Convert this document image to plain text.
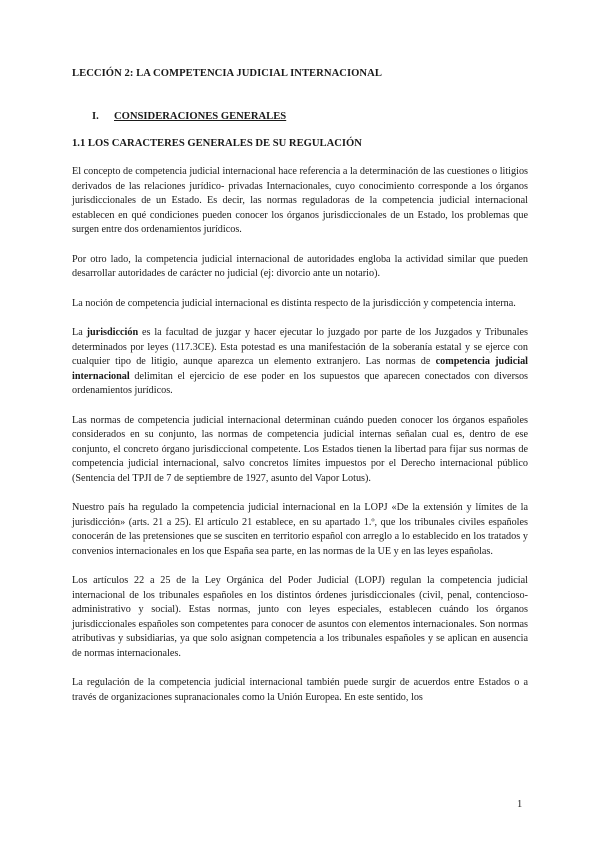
LECCIÓN 2: LA COMPETENCIA JUDICIAL INTERNACIONAL
I. CONSIDERACIONES GENERALES
1.1 LOS CARACTERES GENERALES DE SU REGULACIÓN

El concepto de competencia judicial internacional hace referencia a la determinación de las cuestiones o litigios derivados de las relaciones jurídico- privadas Internacionales, cuyo conocimiento corresponde a los órganos jurisdiccionales de un Estado. Es decir, las normas reguladoras de la competencia judicial internacional establecen en qué condiciones pueden conocer los órganos jurisdiccionales de un Estado, los problemas que surgen entre dos ordenamientos jurídicos.

Por otro lado, la competencia judicial internacional de autoridades engloba la actividad similar que pueden desarrollar autoridades de carácter no judicial (ej: divorcio ante un notario).

La noción de competencia judicial internacional es distinta respecto de la jurisdicción y competencia interna.

La jurisdicción es la facultad de juzgar y hacer ejecutar lo juzgado por parte de los Juzgados y Tribunales determinados por leyes (117.3CE). Esta potestad es una manifestación de la soberanía estatal y se ejerce con cualquier tipo de litigio, aunque aparezca un elemento extranjero. Las normas de competencia judicial internacional delimitan el ejercicio de ese poder en los supuestos que aparecen conectados con diversos ordenamientos jurídicos.

Las normas de competencia judicial internacional determinan cuándo pueden conocer los órganos españoles considerados en su conjunto, las normas de competencia judicial internas señalan cual es, dentro de ese conjunto, el concreto órgano jurisdiccional competente. Los Estados tienen la libertad para fijar sus normas de competencia judicial internacional, salvo concretos límites impuestos por el Derecho internacional público (Sentencia del TPJI de 7 de septiembre de 1927, asunto del Vapor Lotus).

Nuestro país ha regulado la competencia judicial internacional en la LOPJ «De la extensión y límites de la jurisdicción» (arts. 21 a 25). El artículo 21 establece, en su apartado 1.º, que los tribunales civiles españoles conocerán de las pretensiones que se susciten en territorio español con arreglo a lo establecido en los tratados y convenios internacionales en los que España sea parte, en las normas de la UE y en las leyes españolas.

Los artículos 22 a 25 de la Ley Orgánica del Poder Judicial (LOPJ) regulan la competencia judicial internacional de los tribunales españoles en los distintos órdenes jurisdiccionales (civil, penal, contencioso-administrativo y social). Estas normas, junto con leyes especiales, establecen cuándo los órganos jurisdiccionales españoles son competentes para conocer de asuntos con elementos internacionales. Son normas atributivas y subsidiarias, ya que solo asignan competencia a los tribunales españoles y se aplican en ausencia de normas internacionales.

La regulación de la competencia judicial internacional también puede surgir de acuerdos entre Estados o a través de organizaciones supranacionales como la Unión Europea. En este sentido, los

1
